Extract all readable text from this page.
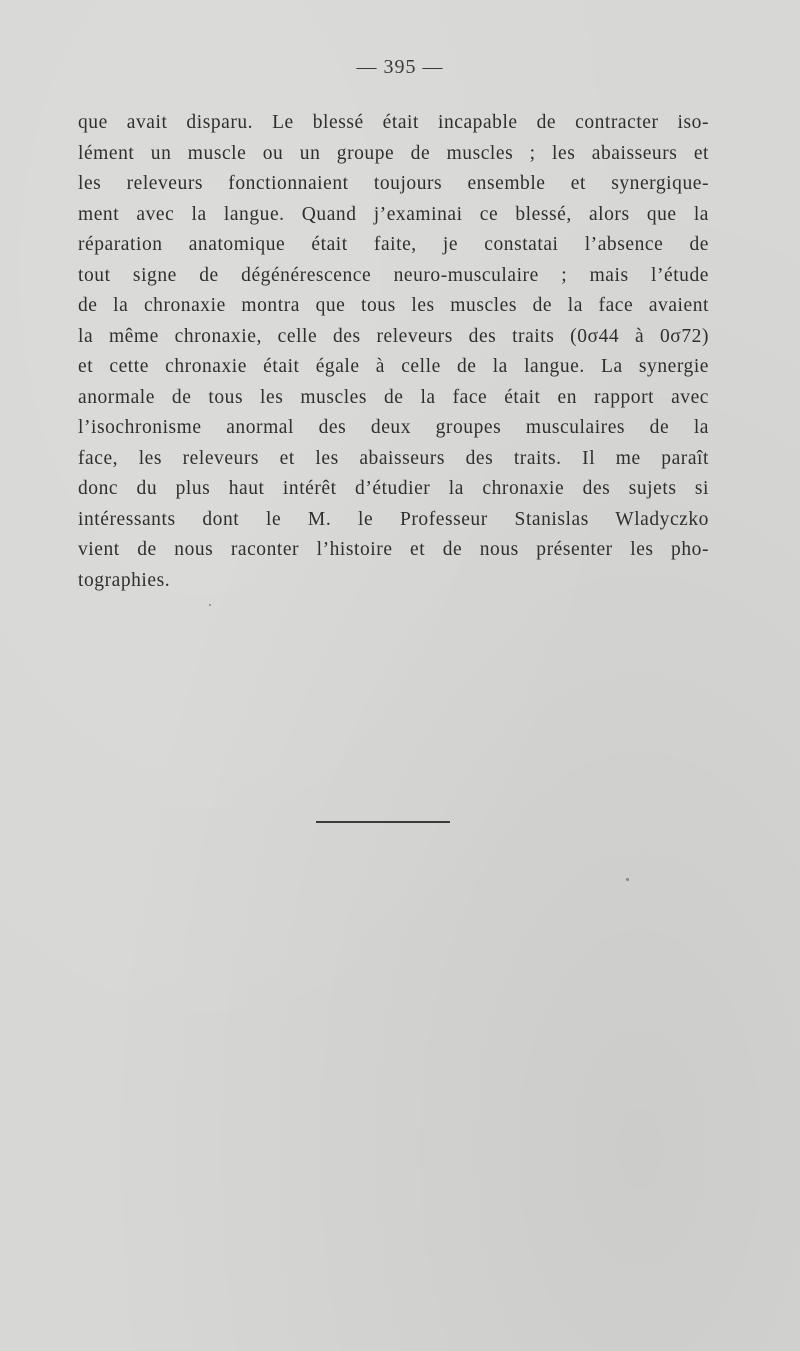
— 395 —
que avait disparu. Le blessé était incapable de contracter iso-
lément un muscle ou un groupe de muscles ; les abaisseurs et
les releveurs fonctionnaient toujours ensemble et synergique-
ment avec la langue. Quand j’examinai ce blessé, alors que la
réparation anatomique était faite, je constatai l’absence de
tout signe de dégénérescence neuro-musculaire ; mais l’étude
de la chronaxie montra que tous les muscles de la face avaient
la même chronaxie, celle des releveurs des traits (0σ44 à 0σ72)
et cette chronaxie était égale à celle de la langue. La synergie
anormale de tous les muscles de la face était en rapport avec
l’isochronisme anormal des deux groupes musculaires de la
face, les releveurs et les abaisseurs des traits. Il me paraît
donc du plus haut intérêt d’étudier la chronaxie des sujets si
intéressants dont le M. le Professeur Stanislas Wladyczko
vient de nous raconter l’histoire et de nous présenter les pho-
tographies.
